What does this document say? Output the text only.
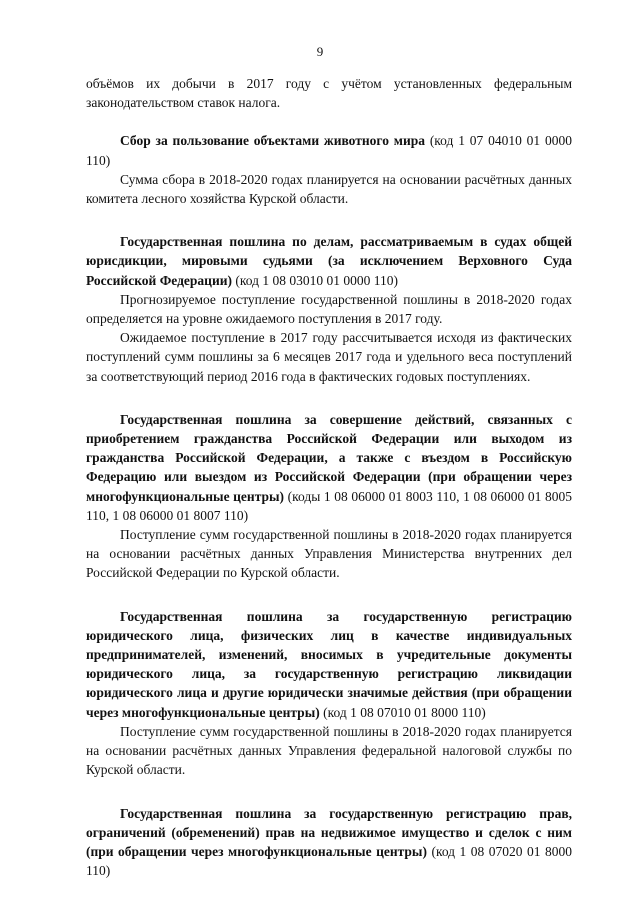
9

объёмов их добычи в 2017 году с учётом установленных федеральным законодательством ставок налога.

Сбор за пользование объектами животного мира (код 1 07 04010 01 0000 110)

Сумма сбора в 2018-2020 годах планируется на основании расчётных данных комитета лесного хозяйства Курской области.

Государственная пошлина по делам, рассматриваемым в судах общей юрисдикции, мировыми судьями (за исключением Верховного Суда Российской Федерации) (код 1 08 03010 01 0000 110)

Прогнозируемое поступление государственной пошлины в 2018-2020 годах определяется на уровне ожидаемого поступления в 2017 году.

Ожидаемое поступление в 2017 году рассчитывается исходя из фактических поступлений сумм пошлины за 6 месяцев 2017 года и удельного веса поступлений за соответствующий период 2016 года в фактических годовых поступлениях.

Государственная пошлина за совершение действий, связанных с приобретением гражданства Российской Федерации или выходом из гражданства Российской Федерации, а также с въездом в Российскую Федерацию или выездом из Российской Федерации (при обращении через многофункциональные центры) (коды 1 08 06000 01 8003 110, 1 08 06000 01 8005 110, 1 08 06000 01 8007 110)

Поступление сумм государственной пошлины в 2018-2020 годах планируется на основании расчётных данных Управления Министерства внутренних дел Российской Федерации по Курской области.

Государственная пошлина за государственную регистрацию юридического лица, физических лиц в качестве индивидуальных предпринимателей, изменений, вносимых в учредительные документы юридического лица, за государственную регистрацию ликвидации юридического лица и другие юридически значимые действия (при обращении через многофункциональные центры) (код 1 08 07010 01 8000 110)

Поступление сумм государственной пошлины в 2018-2020 годах планируется на основании расчётных данных Управления федеральной налоговой службы по Курской области.

Государственная пошлина за государственную регистрацию прав, ограничений (обременений) прав на недвижимое имущество и сделок с ним (при обращении через многофункциональные центры) (код 1 08 07020 01 8000 110)
